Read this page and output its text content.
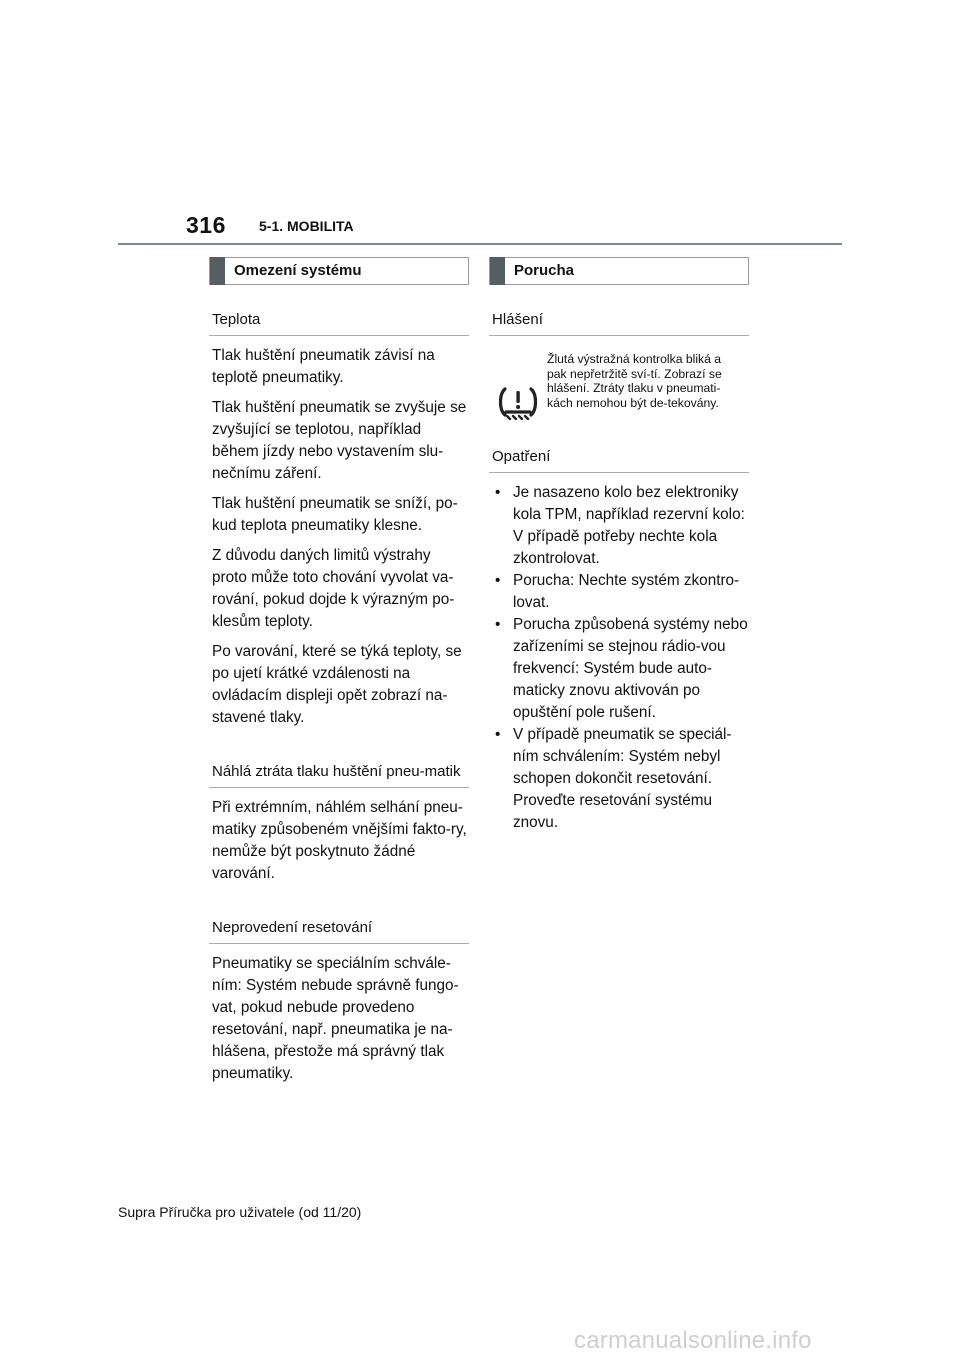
316 5-1. MOBILITA
Omezení systému
Teplota

Tlak huštění pneumatik závisí na teplotě pneumatiky.

Tlak huštění pneumatik se zvyšuje se zvyšující se teplotou, například během jízdy nebo vystavením slu-nečnímu záření.

Tlak huštění pneumatik se sníží, po-kud teplota pneumatiky klesne.

Z důvodu daných limitů výstrahy proto může toto chování vyvolat va-rování, pokud dojde k výrazným po-klesům teploty.

Po varování, které se týká teploty, se po ujetí krátké vzdálenosti na ovládacím displeji opět zobrazí na-stavené tlaky.

Náhlá ztráta tlaku huštění pneu-matik

Při extrémním, náhlém selhání pneu-matiky způsobeném vnějšími fakto-ry, nemůže být poskytnuto žádné varování.

Neprovedení resetování

Pneumatiky se speciálním schvále-ním: Systém nebude správně fungo-vat, pokud nebude provedeno resetování, např. pneumatika je na-hlášena, přestože má správný tlak pneumatiky.

Porucha
Hlášení
Žlutá výstražná kontrolka bliká a pak nepřetržitě sví-tí. Zobrazí se hlášení. Ztráty tlaku v pneumati-kách nemohou být de-tekovány.
Opatření
• Je nasazeno kolo bez elektroniky kola TPM, například rezervní kolo: V případě potřeby nechte kola zkontrolovat.
• Porucha: Nechte systém zkontro-lovat.
• Porucha způsobená systémy nebo zařízeními se stejnou rádio-vou frekvencí: Systém bude auto-maticky znovu aktivován po opuštění pole rušení.
• V případě pneumatik se speciál-ním schválením: Systém nebyl schopen dokončit resetování. Proveďte resetování systému znovu.
Supra Příručka pro uživatele (od 11/20)
carmanualsonline.info
